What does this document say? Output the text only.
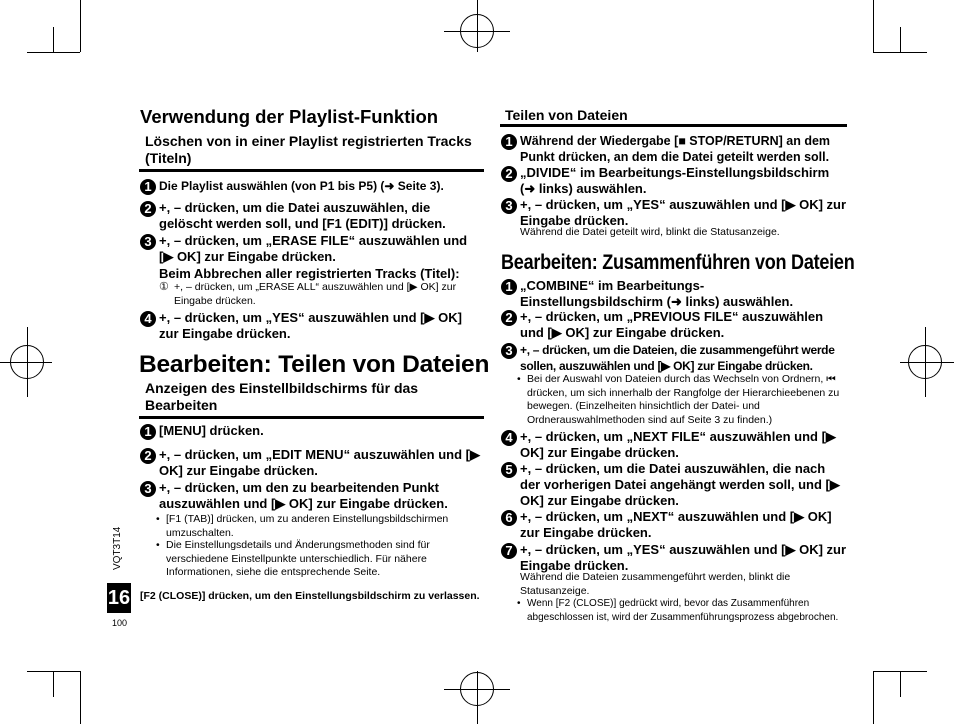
Verwendung der Playlist-Funktion
Löschen von in einer Playlist registrierten Tracks (Titeln)
1 Die Playlist auswählen (von P1 bis P5) (➜ Seite 3).
2 +, – drücken, um die Datei auszuwählen, die gelöscht werden soll, und [F1 (EDIT)] drücken.
3 +, – drücken, um „ERASE FILE“ auszuwählen und [▶ OK] zur Eingabe drücken.
Beim Abbrechen aller registrierten Tracks (Titel):
① +, – drücken, um „ERASE ALL“ auszuwählen und [▶ OK] zur Eingabe drücken.
4 +, – drücken, um „YES“ auszuwählen und [▶ OK] zur Eingabe drücken.
Bearbeiten: Teilen von Dateien
Anzeigen des Einstellbildschirms für das Bearbeiten
1 [MENU] drücken.
2 +, – drücken, um „EDIT MENU“ auszuwählen und [▶ OK] zur Eingabe drücken.
3 +, – drücken, um den zu bearbeitenden Punkt auszuwählen und [▶ OK] zur Eingabe drücken.
• [F1 (TAB)] drücken, um zu anderen Einstellungsbildschirmen umzuschalten.
• Die Einstellungsdetails und Änderungsmethoden sind für verschiedene Einstellpunkte unterschiedlich. Für nähere Informationen, siehe die entsprechende Seite.
[F2 (CLOSE)] drücken, um den Einstellungsbildschirm zu verlassen.
VQT3T14
16
100
Teilen von Dateien
1 Während der Wiedergabe [■ STOP/RETURN] an dem Punkt drücken, an dem die Datei geteilt werden soll.
2 „DIVIDE“ im Bearbeitungs-Einstellungsbildschirm (➜ links) auswählen.
3 +, – drücken, um „YES“ auszuwählen und [▶ OK] zur Eingabe drücken.
Während die Datei geteilt wird, blinkt die Statusanzeige.
Bearbeiten: Zusammenführen von Dateien
1 „COMBINE“ im Bearbeitungs-Einstellungsbildschirm (➜ links) auswählen.
2 +, – drücken, um „PREVIOUS FILE“ auszuwählen und [▶ OK] zur Eingabe drücken.
3 +, – drücken, um die Dateien, die zusammengeführt werde sollen, auszuwählen und [▶ OK] zur Eingabe drücken.
• Bei der Auswahl von Dateien durch das Wechseln von Ordnern, ⏮ drücken, um sich innerhalb der Rangfolge der Hierarchieebenen zu bewegen. (Einzelheiten hinsichtlich der Datei- und Ordnerauswahlmethoden sind auf Seite 3 zu finden.)
4 +, – drücken, um „NEXT FILE“ auszuwählen und [▶ OK] zur Eingabe drücken.
5 +, – drücken, um die Datei auszuwählen, die nach der vorherigen Datei angehängt werden soll, und [▶ OK] zur Eingabe drücken.
6 +, – drücken, um „NEXT“ auszuwählen und [▶ OK] zur Eingabe drücken.
7 +, – drücken, um „YES“ auszuwählen und [▶ OK] zur Eingabe drücken.
Während die Dateien zusammengeführt werden, blinkt die Statusanzeige.
• Wenn [F2 (CLOSE)] gedrückt wird, bevor das Zusammenführen abgeschlossen ist, wird der Zusammenführungsprozess abgebrochen.
